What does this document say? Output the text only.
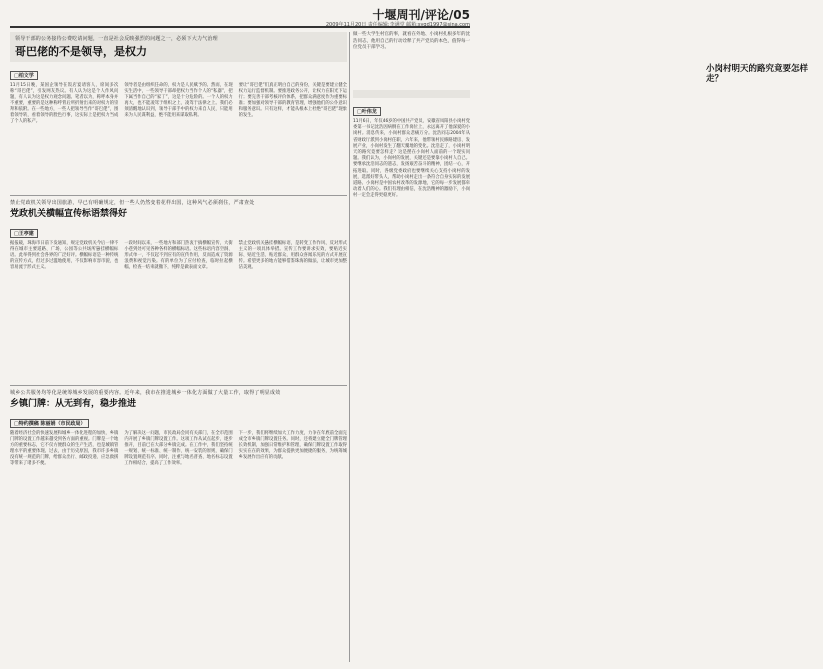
十堰周刊/评论/05
2009年11月20日 责任编辑:李满堂 邮箱:syqd1997@sina.com
领导干部的公务接待公费吃请问题，一直是社会反映强烈的问题之一，必须下大力气治理
哥巴佬的不是领导，是权力
□柏文学
11月15日晚，某国企领导在饭店宴请客人，席间多次称“哥巴佬”，引发网友热议。有人认为这是个人作风问题，有人认为这是权力观念问题。笔者以为，称呼本身并不重要，重要的是这种称呼背后所折射出来的对权力的崇拜和依附。在一些地方，一些人把领导当作“哥巴佬”，围着领导转，看着领导的脸色行事，这实际上是把权力当成了个人的私产。
领导者是由组织任命的，权力是人民赋予的。然而，在现实生活中，一些领导干部却把权力当作个人的“私器”，把下属当作自己的“家丁”，这是十分危险的。一个人的权力再大，也不能凌驾于组织之上、凌驾于法律之上。我们必须清醒地认识到，领导干部手中的权力来自人民，只能用来为人民谋利益，绝不能用来谋取私利。
要让“哥巴佬”们真正明白自己的身份，关键是要建立健全权力运行监督机制。要推进政务公开，让权力在阳光下运行；要完善干部考核评价体系，把群众满意度作为重要标准；要加强对领导干部的教育管理，增强他们的公仆意识和服务意识。只有这样，才能从根本上杜绝“哥巴佬”现象的发生。
禁止党政机关领导出国旅游，早已有明确规定，但一些人仍然变着花样出国，这种风气必须刹住，严肃查处
党政机关横幅宣传标语禁得好
□王亭建
据报载，珠海市日前下发通知，规定党政机关今后一律不得在城市主要道路、广场、公园等公共场所悬挂横幅标语。此举得到社会各界的广泛好评。横幅标语是一种传统的宣传方式，但过多过滥地使用，不仅影响市容市貌，也容易流于形式主义。
一段时间以来，一些地方和部门热衷于搞横幅宣传，大街小巷到处可见各种各样的横幅标语。这些标语内容空洞、形式单一，不仅起不到应有的宣传作用，反而造成了资源浪费和视觉污染。有的单位为了应付检查，临时拉起横幅，检查一结束就撤下，纯粹是做表面文章。
禁止党政机关悬挂横幅标语，是转变工作作风、反对形式主义的一项具体举措。宣传工作要讲求实效，要贴近实际、贴近生活、贴近群众，用群众喜闻乐见的方式开展宣传。希望更多的地方能够借鉴珠海的做法，让城市更加整洁美观。
城乡公共服务均等化是统筹城乡发展的重要内容。近年来，我市在推进城乡一体化方面做了大量工作，取得了明显成效
乡镇门牌：从无到有，稳步推进
□特约撰稿 陈丽娟（市民政局）
随着经济社会的快速发展和城乡一体化进程的加快，乡镇门牌的设置工作越来越受到各方面的重视。门牌是一个地方的重要标志，它不仅方便群众的生产生活，也是城镇管理水平的重要体现。过去，由于历史原因，我市许多乡镇没有统一规范的门牌，给群众出行、邮政投递、应急救援等带来了诸多不便。
为了解决这一问题，市民政局会同有关部门，在全市范围内开展了乡镇门牌设置工作。这项工作从试点起步，逐步推开，目前已在大部分乡镇完成。在工作中，我们坚持统一规划、统一标准、统一制作、统一安装的原则，确保门牌设置规范有序。同时，注重与地名普查、地名标志设置工作相结合，提高了工作效率。
下一步，我们将继续加大工作力度，力争在年底前全面完成全市乡镇门牌设置任务。同时，还将建立健全门牌管理长效机制，加强日常维护和管理，确保门牌设置工作取得实实在在的效果，为群众提供更加便捷的服务，为统筹城乡发展作出应有的贡献。
做一些大学生村官的事，就看在外地、小岗村扎根多年的沈浩同志，他用自己的行动诠释了共产党员的本色，值得每一位党员干部学习。
小岗村明天的路究竟要怎样走？
□叶伟龙
11月6日，年仅46岁的中国共产党员、安徽省凤阳县小岗村党委第一书记沈浩因病倒在工作岗位上，永远离开了他深爱的小岗村。消息传来，小岗村群众悲痛万分。沈浩同志2004年从省财政厅派到小岗村任职，六年来，他带领村民修路建房、发展产业，小岗村发生了翻天覆地的变化。沈浩走了，小岗村明天的路究竟要怎样走？这是摆在小岗村人面前的一个现实问题。我们认为，小岗村的发展，关键还是要靠小岗村人自己。要继承沈浩同志的遗志，发扬艰苦奋斗的精神，团结一心，开拓进取。同时，各级党委政府也要继续关心支持小岗村的发展，选派好带头人，帮助小岗村走出一条符合自身实际的发展道路。小岗村是中国农村改革的发源地，它的每一步发展都牵动着人们的心。我们有理由相信，在沈浩精神的激励下，小岗村一定会走得更稳更好。
